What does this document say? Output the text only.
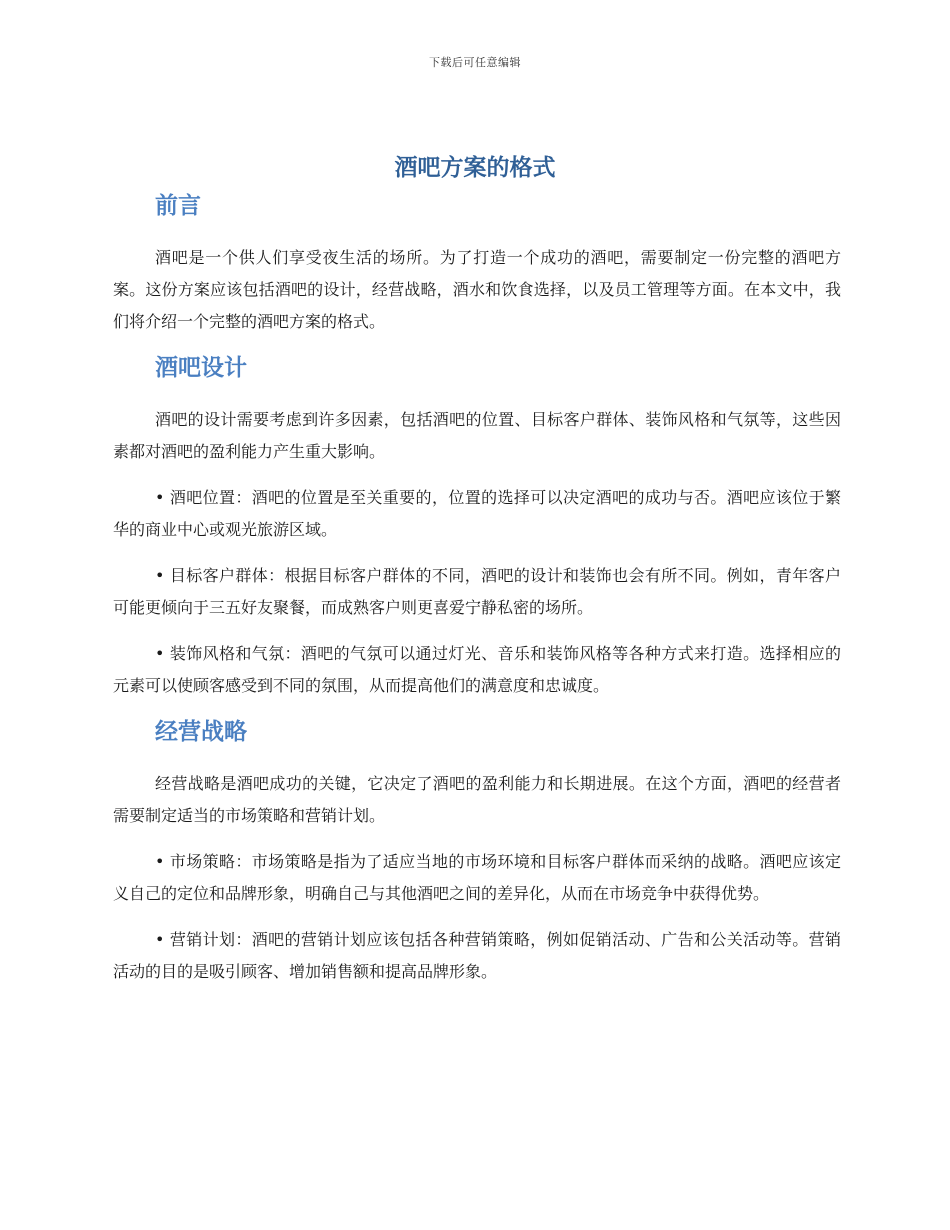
下载后可任意编辑
酒吧方案的格式
前言

酒吧是一个供人们享受夜生活的场所。为了打造一个成功的酒吧，需要制定一份完整的酒吧方案。这份方案应该包括酒吧的设计，经营战略，酒水和饮食选择，以及员工管理等方面。在本文中，我们将介绍一个完整的酒吧方案的格式。

酒吧设计

酒吧的设计需要考虑到许多因素，包括酒吧的位置、目标客户群体、装饰风格和气氛等，这些因素都对酒吧的盈利能力产生重大影响。

• 酒吧位置：酒吧的位置是至关重要的，位置的选择可以决定酒吧的成功与否。酒吧应该位于繁华的商业中心或观光旅游区域。

• 目标客户群体：根据目标客户群体的不同，酒吧的设计和装饰也会有所不同。例如，青年客户可能更倾向于三五好友聚餐，而成熟客户则更喜爱宁静私密的场所。

• 装饰风格和气氛：酒吧的气氛可以通过灯光、音乐和装饰风格等各种方式来打造。选择相应的元素可以使顾客感受到不同的氛围，从而提高他们的满意度和忠诚度。

经营战略

经营战略是酒吧成功的关键，它决定了酒吧的盈利能力和长期进展。在这个方面，酒吧的经营者需要制定适当的市场策略和营销计划。

• 市场策略：市场策略是指为了适应当地的市场环境和目标客户群体而采纳的战略。酒吧应该定义自己的定位和品牌形象，明确自己与其他酒吧之间的差异化，从而在市场竞争中获得优势。

• 营销计划：酒吧的营销计划应该包括各种营销策略，例如促销活动、广告和公关活动等。营销活动的目的是吸引顾客、增加销售额和提高品牌形象。
